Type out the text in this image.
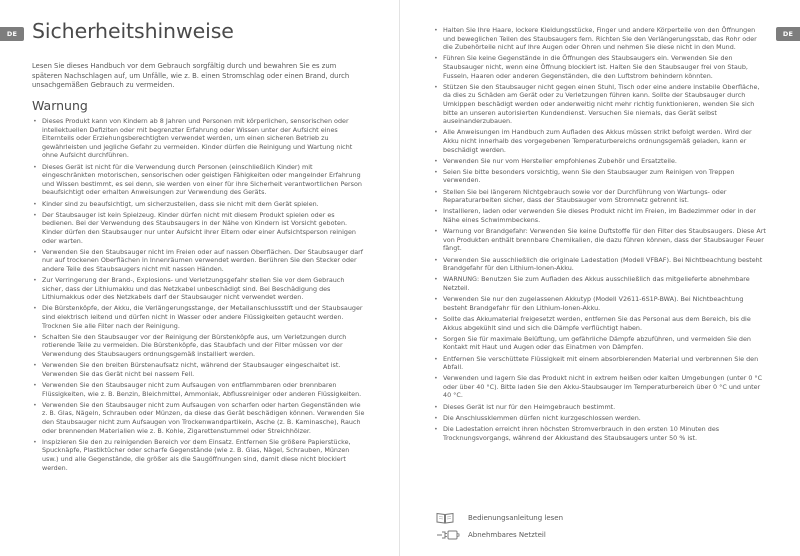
DE Sicherheitshinweise

Lesen Sie dieses Handbuch vor dem Gebrauch sorgfältig durch und bewahren Sie es zum späteren Nachschlagen auf, um Unfälle, wie z. B. einen Stromschlag oder einen Brand, durch unsachgemäßen Gebrauch zu vermeiden.

Warnung
• Dieses Produkt kann von Kindern ab 8 Jahren und Personen mit körperlichen, sensorischen oder intellektuellen Defiziten oder mit begrenzter Erfahrung oder Wissen unter der Aufsicht eines Elternteils oder Erziehungsberechtigten verwendet werden, um einen sicheren Betrieb zu gewährleisten und jegliche Gefahr zu vermeiden. Kinder dürfen die Reinigung und Wartung nicht ohne Aufsicht durchführen.
• Dieses Gerät ist nicht für die Verwendung durch Personen (einschließlich Kinder) mit eingeschränkten motorischen, sensorischen oder geistigen Fähigkeiten oder mangelnder Erfahrung und Wissen bestimmt, es sei denn, sie werden von einer für ihre Sicherheit verantwortlichen Person beaufsichtigt oder erhalten Anweisungen zur Verwendung des Geräts.
• Kinder sind zu beaufsichtigt, um sicherzustellen, dass sie nicht mit dem Gerät spielen.
• Der Staubsauger ist kein Spielzeug. Kinder dürfen nicht mit diesem Produkt spielen oder es bedienen. Bei der Verwendung des Staubsaugers in der Nähe von Kindern ist Vorsicht geboten. Kinder dürfen den Staubsauger nur unter Aufsicht ihrer Eltern oder einer Aufsichtsperson reinigen oder warten.
• Verwenden Sie den Staubsauger nicht im Freien oder auf nassen Oberflächen. Der Staubsauger darf nur auf trockenen Oberflächen in Innenräumen verwendet werden. Berühren Sie den Stecker oder andere Teile des Staubsaugers nicht mit nassen Händen.
• Zur Verringerung der Brand-, Explosions- und Verletzungsgefahr stellen Sie vor dem Gebrauch sicher, dass der Lithiumakku und das Netzkabel unbeschädigt sind. Bei Beschädigung des Lithiumakkus oder des Netzkabels darf der Staubsauger nicht verwendet werden.
• Die Bürstenköpfe, der Akku, die Verlängerungsstange, der Metallanschlussstift und der Staubsauger sind elektrisch leitend und dürfen nicht in Wasser oder andere Flüssigkeiten getaucht werden. Trocknen Sie alle Filter nach der Reinigung.
• Schalten Sie den Staubsauger vor der Reinigung der Bürstenköpfe aus, um Verletzungen durch rotierende Teile zu vermeiden. Die Bürstenköpfe, das Staubfach und der Filter müssen vor der Verwendung des Staubsaugers ordnungsgemäß installiert werden.
• Verwenden Sie den breiten Bürstenaufsatz nicht, während der Staubsauger eingeschaltet ist. Verwenden Sie das Gerät nicht bei nassem Fell.
• Verwenden Sie den Staubsauger nicht zum Aufsaugen von entflammbaren oder brennbaren Flüssigkeiten, wie z. B. Benzin, Bleichmittel, Ammoniak, Abflussreiniger oder anderen Flüssigkeiten.
• Verwenden Sie den Staubsauger nicht zum Aufsaugen von scharfen oder harten Gegenständen wie z. B. Glas, Nägeln, Schrauben oder Münzen, da diese das Gerät beschädigen können. Verwenden Sie den Staubsauger nicht zum Aufsaugen von Trockenwandpartikeln, Asche (z. B. Kaminasche), Rauch oder brennenden Materialien wie z. B. Kohle, Zigarettenstummel oder Streichhölzer.
• Inspizieren Sie den zu reinigenden Bereich vor dem Einsatz. Entfernen Sie größere Papierstücke, Spucknäpfe, Plastiktücher oder scharfe Gegenstände (wie z. B. Glas, Nägel, Schrauben, Münzen usw.) und alle Gegenstände, die größer als die Saugöffnungen sind, damit diese nicht blockiert werden.
DE
• Halten Sie Ihre Haare, lockere Kleidungsstücke, Finger und andere Körperteile von den Öffnungen und beweglichen Teilen des Staubsaugers fern. Richten Sie den Verlängerungsstab, das Rohr oder die Zubehörteile nicht auf Ihre Augen oder Ohren und nehmen Sie diese nicht in den Mund.
• Führen Sie keine Gegenstände in die Öffnungen des Staubsaugers ein. Verwenden Sie den Staubsauger nicht, wenn eine Öffnung blockiert ist. Halten Sie den Staubsauger frei von Staub, Fusseln, Haaren oder anderen Gegenständen, die den Luftstrom behindern könnten.
• Stützen Sie den Staubsauger nicht gegen einen Stuhl, Tisch oder eine andere instabile Oberfläche, da dies zu Schäden am Gerät oder zu Verletzungen führen kann. Sollte der Staubsauger durch Umkippen beschädigt werden oder anderweitig nicht mehr richtig funktionieren, wenden Sie sich bitte an unseren autorisierten Kundendienst. Versuchen Sie niemals, das Gerät selbst auseinanderzubauen.
• Alle Anweisungen im Handbuch zum Aufladen des Akkus müssen strikt befolgt werden. Wird der Akku nicht innerhalb des vorgegebenen Temperaturbereichs ordnungsgemäß geladen, kann er beschädigt werden.
• Verwenden Sie nur vom Hersteller empfohlenes Zubehör und Ersatzteile.
• Seien Sie bitte besonders vorsichtig, wenn Sie den Staubsauger zum Reinigen von Treppen verwenden.
• Stellen Sie bei längerem Nichtgebrauch sowie vor der Durchführung von Wartungs- oder Reparaturarbeiten sicher, dass der Staubsauger vom Stromnetz getrennt ist.
• Installieren, laden oder verwenden Sie dieses Produkt nicht im Freien, im Badezimmer oder in der Nähe eines Schwimmbeckens.
• Warnung vor Brandgefahr: Verwenden Sie keine Duftstoffe für den Filter des Staubsaugers. Diese Art von Produkten enthält brennbare Chemikalien, die dazu führen können, dass der Staubsauger Feuer fängt.
• Verwenden Sie ausschließlich die originale Ladestation (Modell VFBAF). Bei Nichtbeachtung besteht Brandgefahr für den Lithium-Ionen-Akku.
• WARNUNG: Benutzen Sie zum Aufladen des Akkus ausschließlich das mitgelieferte abnehmbare Netzteil.
• Verwenden Sie nur den zugelassenen Akkutyp (Modell V2611-6S1P-BWA). Bei Nichtbeachtung besteht Brandgefahr für den Lithium-Ionen-Akku.
• Sollte das Akkumaterial freigesetzt werden, entfernen Sie das Personal aus dem Bereich, bis die Akkus abgekühlt sind und sich die Dämpfe verflüchtigt haben.
• Sorgen Sie für maximale Belüftung, um gefährliche Dämpfe abzuführen, und vermeiden Sie den Kontakt mit Haut und Augen oder das Einatmen von Dämpfen.
• Entfernen Sie verschüttete Flüssigkeit mit einem absorbierenden Material und verbrennen Sie den Abfall.
• Verwenden und lagern Sie das Produkt nicht in extrem heißen oder kalten Umgebungen (unter 0 °C oder über 40 °C). Bitte laden Sie den Akku-Staubsauger im Temperaturbereich über 0 °C und unter 40 °C.
• Dieses Gerät ist nur für den Heimgebrauch bestimmt.
• Die Anschlussklemmen dürfen nicht kurzgeschlossen werden.
• Die Ladestation erreicht ihren höchsten Stromverbrauch in den ersten 10 Minuten des Trocknungsvorgangs, während der Akkustand des Staubsaugers unter 50 % ist.
Bedienungsanleitung lesen
Abnehmbares Netzteil
